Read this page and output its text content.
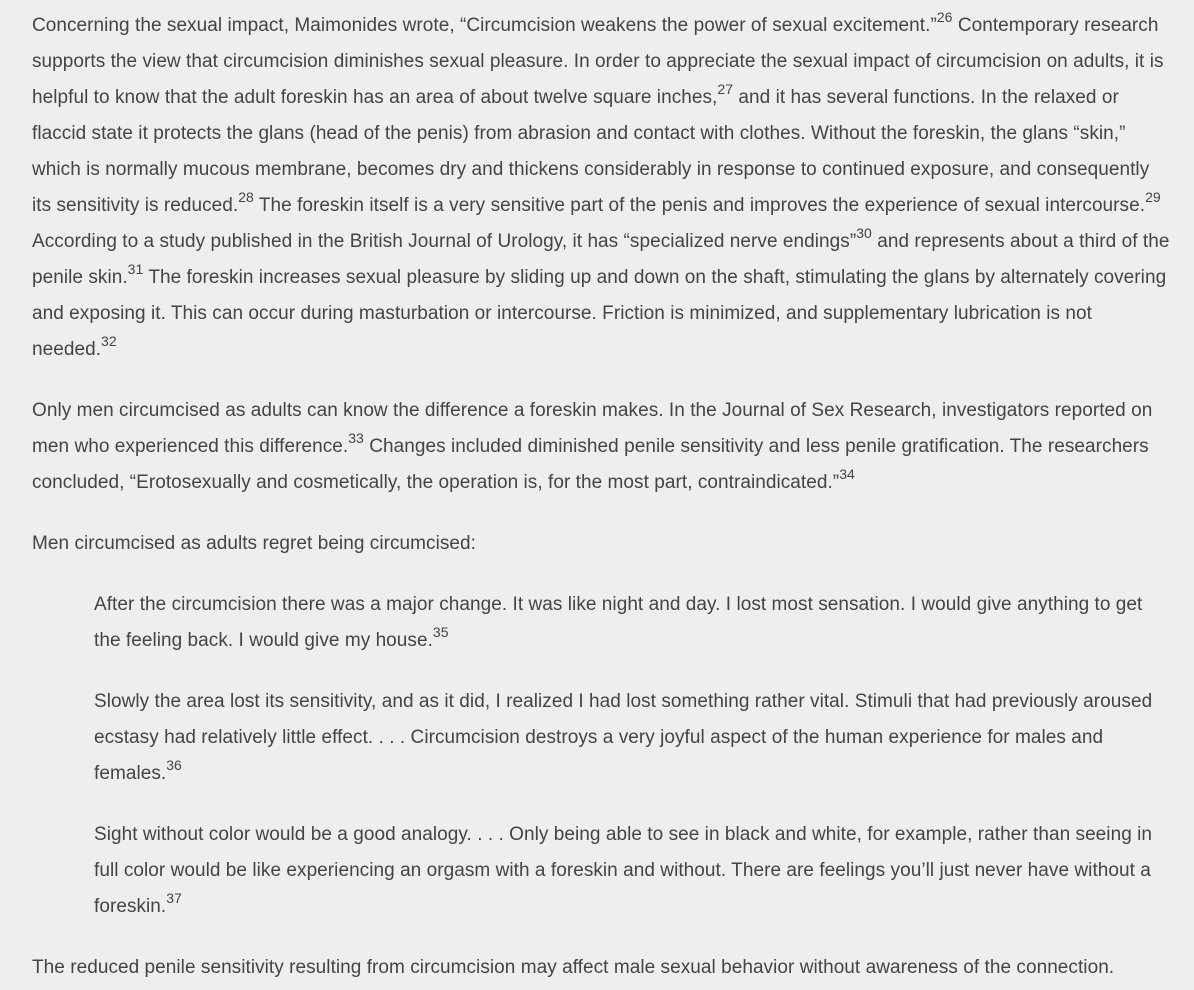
Concerning the sexual impact, Maimonides wrote, “Circumcision weakens the power of sexual excitement.”$^{26}$ Contemporary research supports the view that circumcision diminishes sexual pleasure. In order to appreciate the sexual impact of circumcision on adults, it is helpful to know that the adult foreskin has an area of about twelve square inches,$^{27}$ and it has several functions. In the relaxed or flaccid state it protects the glans (head of the penis) from abrasion and contact with clothes. Without the foreskin, the glans “skin,” which is normally mucous membrane, becomes dry and thickens considerably in response to continued exposure, and consequently its sensitivity is reduced.$^{28}$ The foreskin itself is a very sensitive part of the penis and improves the experience of sexual intercourse.$^{29}$ According to a study published in the British Journal of Urology, it has “specialized nerve endings”$^{30}$ and represents about a third of the penile skin.$^{31}$ The foreskin increases sexual pleasure by sliding up and down on the shaft, stimulating the glans by alternately covering and exposing it. This can occur during masturbation or intercourse. Friction is minimized, and supplementary lubrication is not needed.$^{32}$

Only men circumcised as adults can know the difference a foreskin makes. In the Journal of Sex Research, investigators reported on men who experienced this difference.$^{33}$ Changes included diminished penile sensitivity and less penile gratification. The researchers concluded, “Erotosexually and cosmetically, the operation is, for the most part, contraindicated.”$^{34}$

Men circumcised as adults regret being circumcised:

After the circumcision there was a major change. It was like night and day. I lost most sensation. I would give anything to get the feeling back. I would give my house.$^{35}$

Slowly the area lost its sensitivity, and as it did, I realized I had lost something rather vital. Stimuli that had previously aroused ecstasy had relatively little effect. . . . Circumcision destroys a very joyful aspect of the human experience for males and females.$^{36}$

Sight without color would be a good analogy. . . . Only being able to see in black and white, for example, rather than seeing in full color would be like experiencing an orgasm with a foreskin and without. There are feelings you’ll just never have without a foreskin.$^{37}$

The reduced penile sensitivity resulting from circumcision may affect male sexual behavior without awareness of the connection.
